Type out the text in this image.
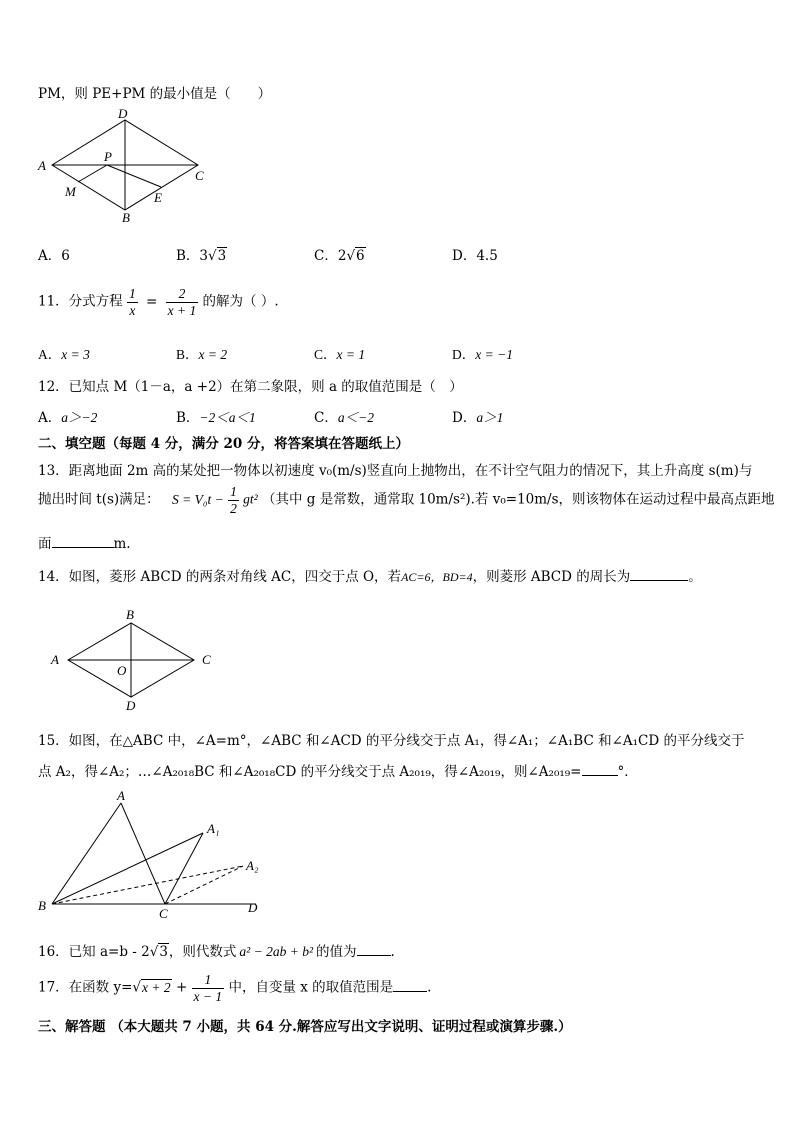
PM，则 PE+PM 的最小值是（　　）
D
A
C
B
P
M	E
A．6	B．3√3	C．2√6	D．4.5
11．分式方程 $\frac{1}{x} = \frac{2}{x + 1}$ 的解为（ ）.
A．x = 3	B．x = 2	C．x = 1	D．x = −1
12．已知点 M（1－a，a +2）在第二象限，则 a 的取值范围是（　）
A．a＞−2	B．−2＜a＜1	C．a＜−2	D．a＞1
二、填空题（每题 4 分，满分 20 分，将答案填在答题纸上）
13．距离地面 2m 高的某处把一物体以初速度 v₀(m/s)竖直向上抛物出，在不计空气阻力的情况下，其上升高度 s(m)与
抛出时间 t(s)满足： $S = V_0t - \frac{1}{2} gt^2$ （其中 g 是常数，通常取 10m/s²).若 v₀=10m/s，则该物体在运动过程中最高点距地
面	m.
14．如图，菱形 ABCD 的两条对角线 AC，四交于点 O，若AC=6，BD=4，则菱形 ABCD 的周长为	。
B
A	C
D
O
15．如图，在△ABC 中，∠A=m°，∠ABC 和∠ACD 的平分线交于点 A₁，得∠A₁；∠A₁BC 和∠A₁CD 的平分线交于
点 A₂，得∠A₂；…∠A₂₀₁₈BC 和∠A₂₀₁₈CD 的平分线交于点 A₂₀₁₉，得∠A₂₀₁₉，则∠A₂₀₁₉=	°．
A
A₁
A₂
B
C	D
16．已知 a=b - 2√3，则代数式 a² − 2ab + b² 的值为	.
17．在函数 $y=√x + 2 + \frac{1}{x - 1}$ 中，自变量 x 的取值范围是	.
三、解答题 （本大题共 7 小题，共 64 分.解答应写出文字说明、证明过程或演算步骤.）
